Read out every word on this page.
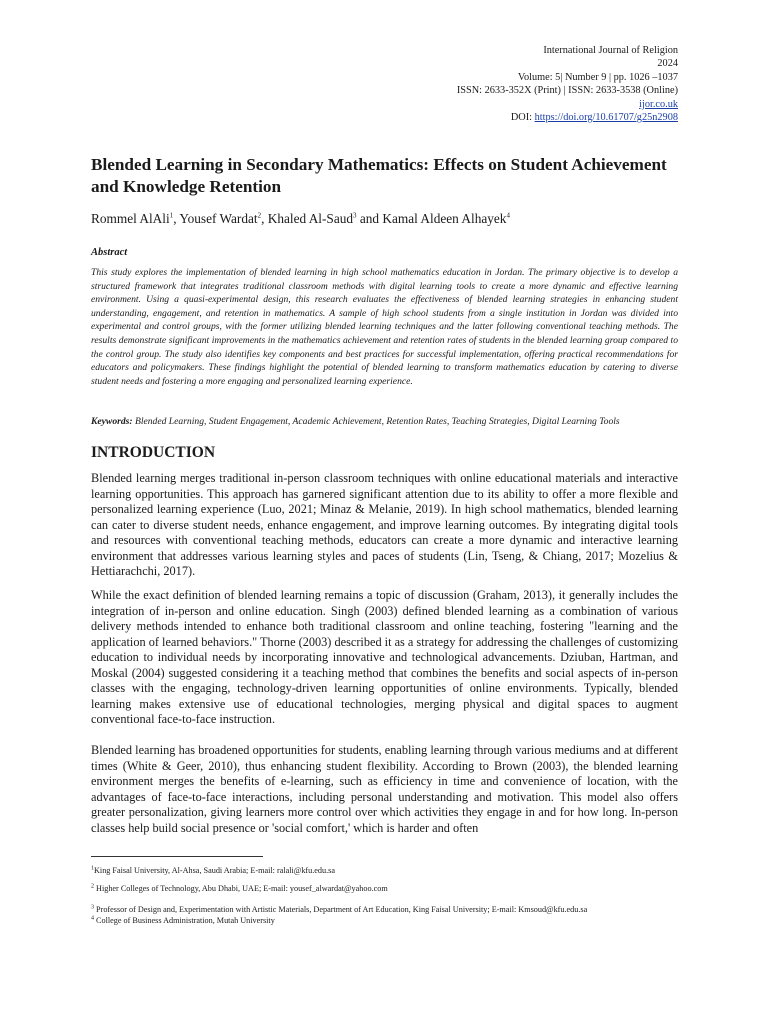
International Journal of Religion
2024
Volume: 5| Number 9 | pp. 1026 –1037
ISSN: 2633-352X (Print) | ISSN: 2633-3538 (Online)
ijor.co.uk
DOI: https://doi.org/10.61707/g25n2908
Blended Learning in Secondary Mathematics: Effects on Student Achievement and Knowledge Retention
Rommel AlAli$^1$, Yousef Wardat$^2$, Khaled Al-Saud$^3$ and Kamal Aldeen Alhayek$^4$
Abstract

This study explores the implementation of blended learning in high school mathematics education in Jordan. The primary objective is to develop a structured framework that integrates traditional classroom methods with digital learning tools to create a more dynamic and effective learning environment. Using a quasi-experimental design, this research evaluates the effectiveness of blended learning strategies in enhancing student understanding, engagement, and retention in mathematics. A sample of high school students from a single institution in Jordan was divided into experimental and control groups, with the former utilizing blended learning techniques and the latter following conventional teaching methods. The results demonstrate significant improvements in the mathematics achievement and retention rates of students in the blended learning group compared to the control group. The study also identifies key components and best practices for successful implementation, offering practical recommendations for educators and policymakers. These findings highlight the potential of blended learning to transform mathematics education by catering to diverse student needs and fostering a more engaging and personalized learning experience.

Keywords: Blended Learning, Student Engagement, Academic Achievement, Retention Rates, Teaching Strategies, Digital Learning Tools
INTRODUCTION

Blended learning merges traditional in-person classroom techniques with online educational materials and interactive learning opportunities. This approach has garnered significant attention due to its ability to offer a more flexible and personalized learning experience (Luo, 2021; Minaz & Melanie, 2019). In high school mathematics, blended learning can cater to diverse student needs, enhance engagement, and improve learning outcomes. By integrating digital tools and resources with conventional teaching methods, educators can create a more dynamic and interactive learning environment that addresses various learning styles and paces of students (Lin, Tseng, & Chiang, 2017; Mozelius & Hettiarachchi, 2017).

While the exact definition of blended learning remains a topic of discussion (Graham, 2013), it generally includes the integration of in-person and online education. Singh (2003) defined blended learning as a combination of various delivery methods intended to enhance both traditional classroom and online teaching, fostering "learning and the application of learned behaviors." Thorne (2003) described it as a strategy for addressing the challenges of customizing education to individual needs by incorporating innovative and technological advancements. Dziuban, Hartman, and Moskal (2004) suggested considering it a teaching method that combines the benefits and social aspects of in-person classes with the engaging, technology-driven learning opportunities of online environments. Typically, blended learning makes extensive use of educational technologies, merging physical and digital spaces to augment conventional face-to-face instruction.

Blended learning has broadened opportunities for students, enabling learning through various mediums and at different times (White & Geer, 2010), thus enhancing student flexibility. According to Brown (2003), the blended learning environment merges the benefits of e-learning, such as efficiency in time and convenience of location, with the advantages of face-to-face interactions, including personal understanding and motivation. This model also offers greater personalization, giving learners more control over which activities they engage in and for how long. In-person classes help build social presence or 'social comfort,' which is harder and often

$^1$King Faisal University, Al-Ahsa, Saudi Arabia; E-mail: ralali@kfu.edu.sa
$^2$ Higher Colleges of Technology, Abu Dhabi, UAE; E-mail: yousef_alwardat@yahoo.com
$^3$ Professor of Design and, Experimentation with Artistic Materials, Department of Art Education, King Faisal University; E-mail: Kmsoud@kfu.edu.sa
$^4$ College of Business Administration, Mutah University
